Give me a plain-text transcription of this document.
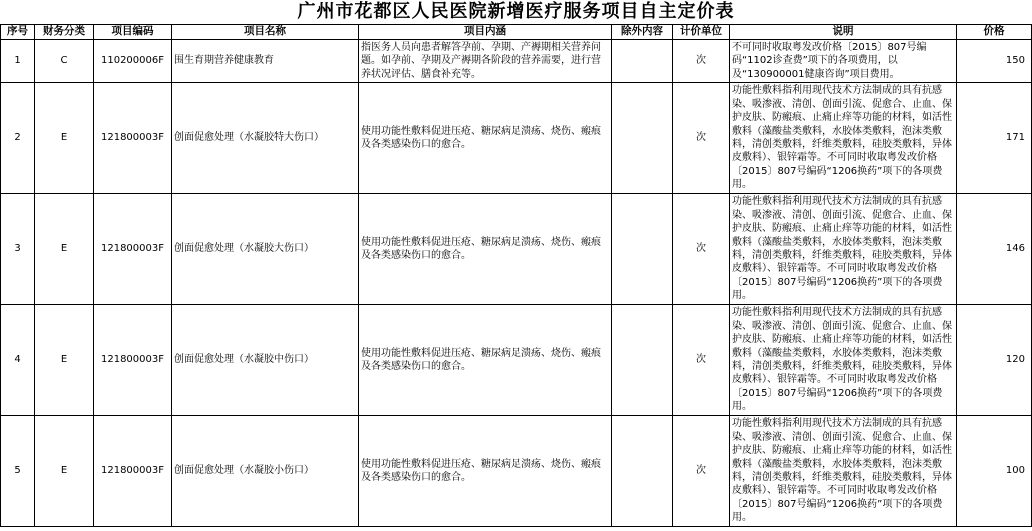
广州市花都区人民医院新增医疗服务项目自主定价表
序号	财务分类	项目编码	项目名称	项目内涵	除外内容	计价单位	说明	价格
1	C	110200006F	围生育期营养健康教育	指医务人员向患者解答孕前、孕期、产褥期相关营养问题。如孕前、孕期及产褥期各阶段的营养需要，进行营养状况评估、膳食补充等。		次	不可同时收取粤发改价格〔2015〕807号编码“1102诊查费”项下的各项费用，以及“130900001健康咨询”项目费用。	150
2	E	121800003F	创面促愈处理（水凝胶特大伤口）	使用功能性敷料促进压疮、糖尿病足溃疡、烧伤、瘢痕及各类感染伤口的愈合。		次	功能性敷料指利用现代技术方法制成的具有抗感染、吸渗液、清创、创面引流、促愈合、止血、保护皮肤、防瘢痕、止痛止痒等功能的材料，如活性敷料（藻酸盐类敷料，水胶体类敷料，泡沫类敷料，清创类敷料，纤维类敷料，硅胶类敷料，异体皮敷料）、银锌霜等。不可同时收取粤发改价格〔2015〕807号编码“1206换药”项下的各项费用。	171
3	E	121800003F	创面促愈处理（水凝胶大伤口）	使用功能性敷料促进压疮、糖尿病足溃疡、烧伤、瘢痕及各类感染伤口的愈合。		次	功能性敷料指利用现代技术方法制成的具有抗感染、吸渗液、清创、创面引流、促愈合、止血、保护皮肤、防瘢痕、止痛止痒等功能的材料，如活性敷料（藻酸盐类敷料，水胶体类敷料，泡沫类敷料，清创类敷料，纤维类敷料，硅胶类敷料，异体皮敷料）、银锌霜等。不可同时收取粤发改价格〔2015〕807号编码“1206换药”项下的各项费用。	146
4	E	121800003F	创面促愈处理（水凝胶中伤口）	使用功能性敷料促进压疮、糖尿病足溃疡、烧伤、瘢痕及各类感染伤口的愈合。		次	功能性敷料指利用现代技术方法制成的具有抗感染、吸渗液、清创、创面引流、促愈合、止血、保护皮肤、防瘢痕、止痛止痒等功能的材料，如活性敷料（藻酸盐类敷料，水胶体类敷料，泡沫类敷料，清创类敷料，纤维类敷料，硅胶类敷料，异体皮敷料）、银锌霜等。不可同时收取粤发改价格〔2015〕807号编码“1206换药”项下的各项费用。	120
5	E	121800003F	创面促愈处理（水凝胶小伤口）	使用功能性敷料促进压疮、糖尿病足溃疡、烧伤、瘢痕及各类感染伤口的愈合。		次	功能性敷料指利用现代技术方法制成的具有抗感染、吸渗液、清创、创面引流、促愈合、止血、保护皮肤、防瘢痕、止痛止痒等功能的材料，如活性敷料（藻酸盐类敷料，水胶体类敷料，泡沫类敷料，清创类敷料，纤维类敷料，硅胶类敷料，异体皮敷料）、银锌霜等。不可同时收取粤发改价格〔2015〕807号编码“1206换药”项下的各项费用。	100
